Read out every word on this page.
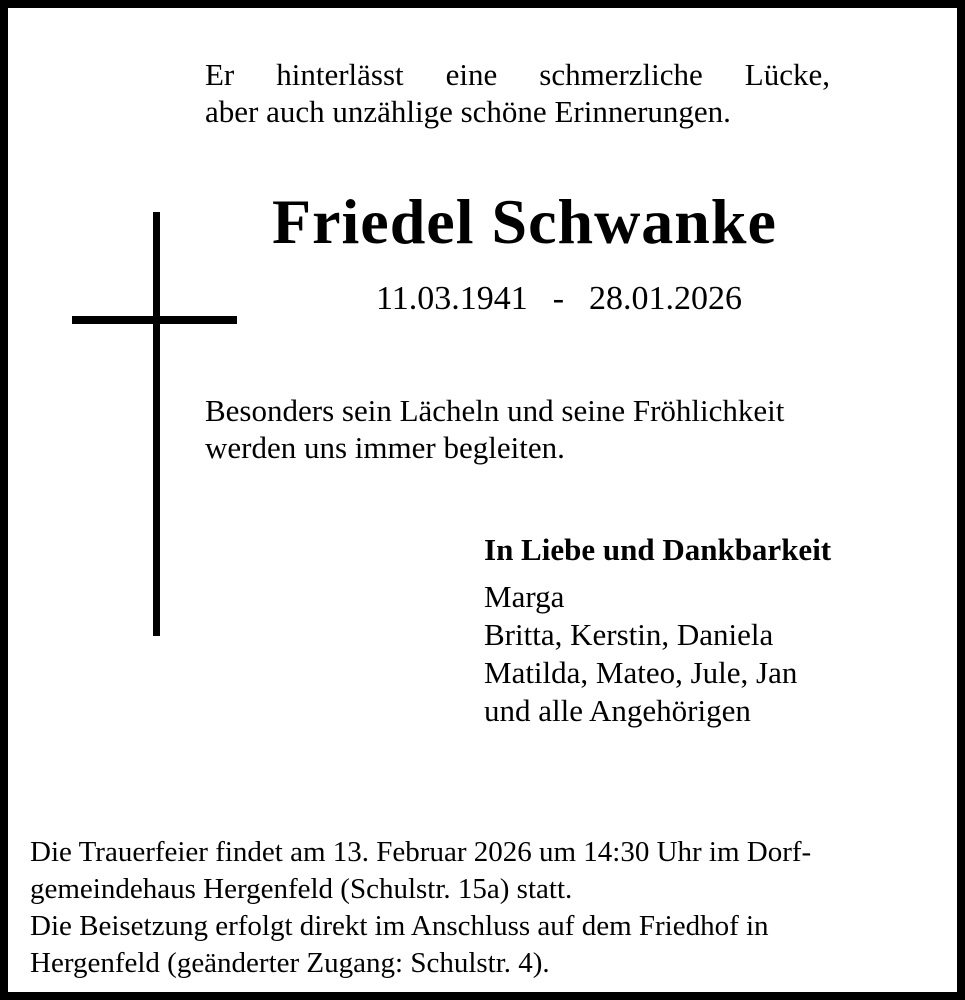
Er hinterlässt eine schmerzliche Lücke,
aber auch unzählige schöne Erinnerungen.
Friedel Schwanke
11.03.1941  -  28.01.2026
Besonders sein Lächeln und seine Fröhlichkeit
werden uns immer begleiten.
In Liebe und Dankbarkeit
Marga
Britta, Kerstin, Daniela
Matilda, Mateo, Jule, Jan
und alle Angehörigen
Die Trauerfeier findet am 13. Februar 2026 um 14:30 Uhr im Dorf-
gemeindehaus Hergenfeld (Schulstr. 15a) statt.
Die Beisetzung erfolgt direkt im Anschluss auf dem Friedhof in
Hergenfeld (geänderter Zugang: Schulstr. 4).
